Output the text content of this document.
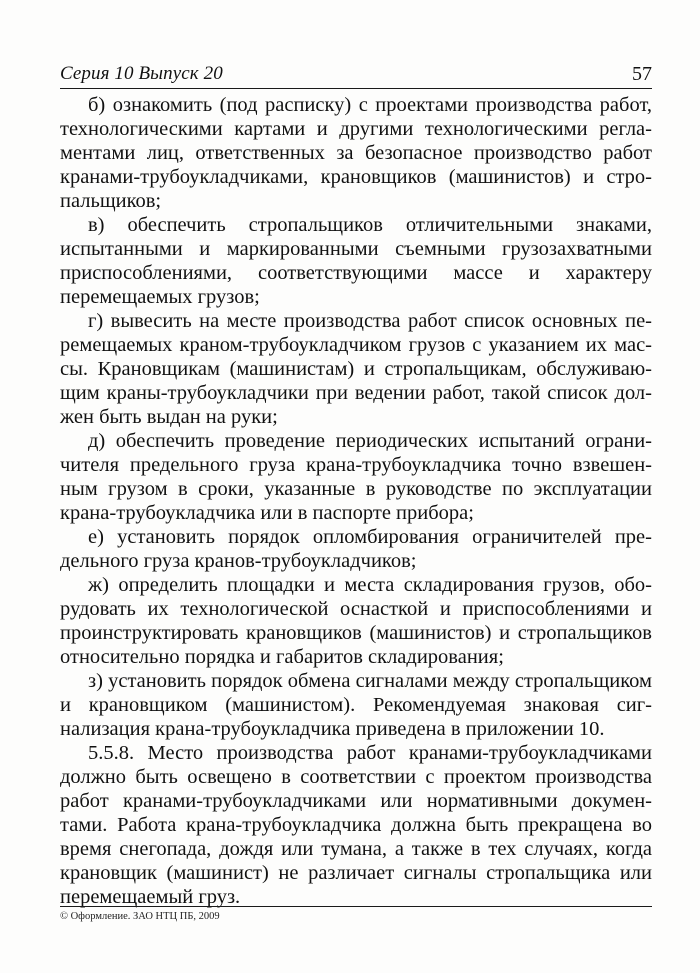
Серия 10 Выпуск 20	57

б) ознакомить (под расписку) с проектами производства работ, технологическими картами и другими технологическими регламентами лиц, ответственных за безопасное производство работ кранами-трубоукладчиками, крановщиков (машинистов) и стропальщиков;

в) обеспечить стропальщиков отличительными знаками, испытанными и маркированными съемными грузозахватными приспособлениями, соответствующими массе и характеру перемещаемых грузов;

г) вывесить на месте производства работ список основных перемещаемых краном-трубоукладчиком грузов с указанием их массы. Крановщикам (машинистам) и стропальщикам, обслуживающим краны-трубоукладчики при ведении работ, такой список должен быть выдан на руки;

д) обеспечить проведение периодических испытаний ограничителя предельного груза крана-трубоукладчика точно взвешенным грузом в сроки, указанные в руководстве по эксплуатации крана-трубоукладчика или в паспорте прибора;

е) установить порядок опломбирования ограничителей предельного груза кранов-трубоукладчиков;

ж) определить площадки и места складирования грузов, оборудовать их технологической оснасткой и приспособлениями и проинструктировать крановщиков (машинистов) и стропальщиков относительно порядка и габаритов складирования;

з) установить порядок обмена сигналами между стропальщиком и крановщиком (машинистом). Рекомендуемая знаковая сигнализация крана-трубоукладчика приведена в приложении 10.

5.5.8. Место производства работ кранами-трубоукладчиками должно быть освещено в соответствии с проектом производства работ кранами-трубоукладчиками или нормативными документами. Работа крана-трубоукладчика должна быть прекращена во время снегопада, дождя или тумана, а также в тех случаях, когда крановщик (машинист) не различает сигналы стропальщика или перемещаемый груз.

© Оформление. ЗАО НТЦ ПБ, 2009
